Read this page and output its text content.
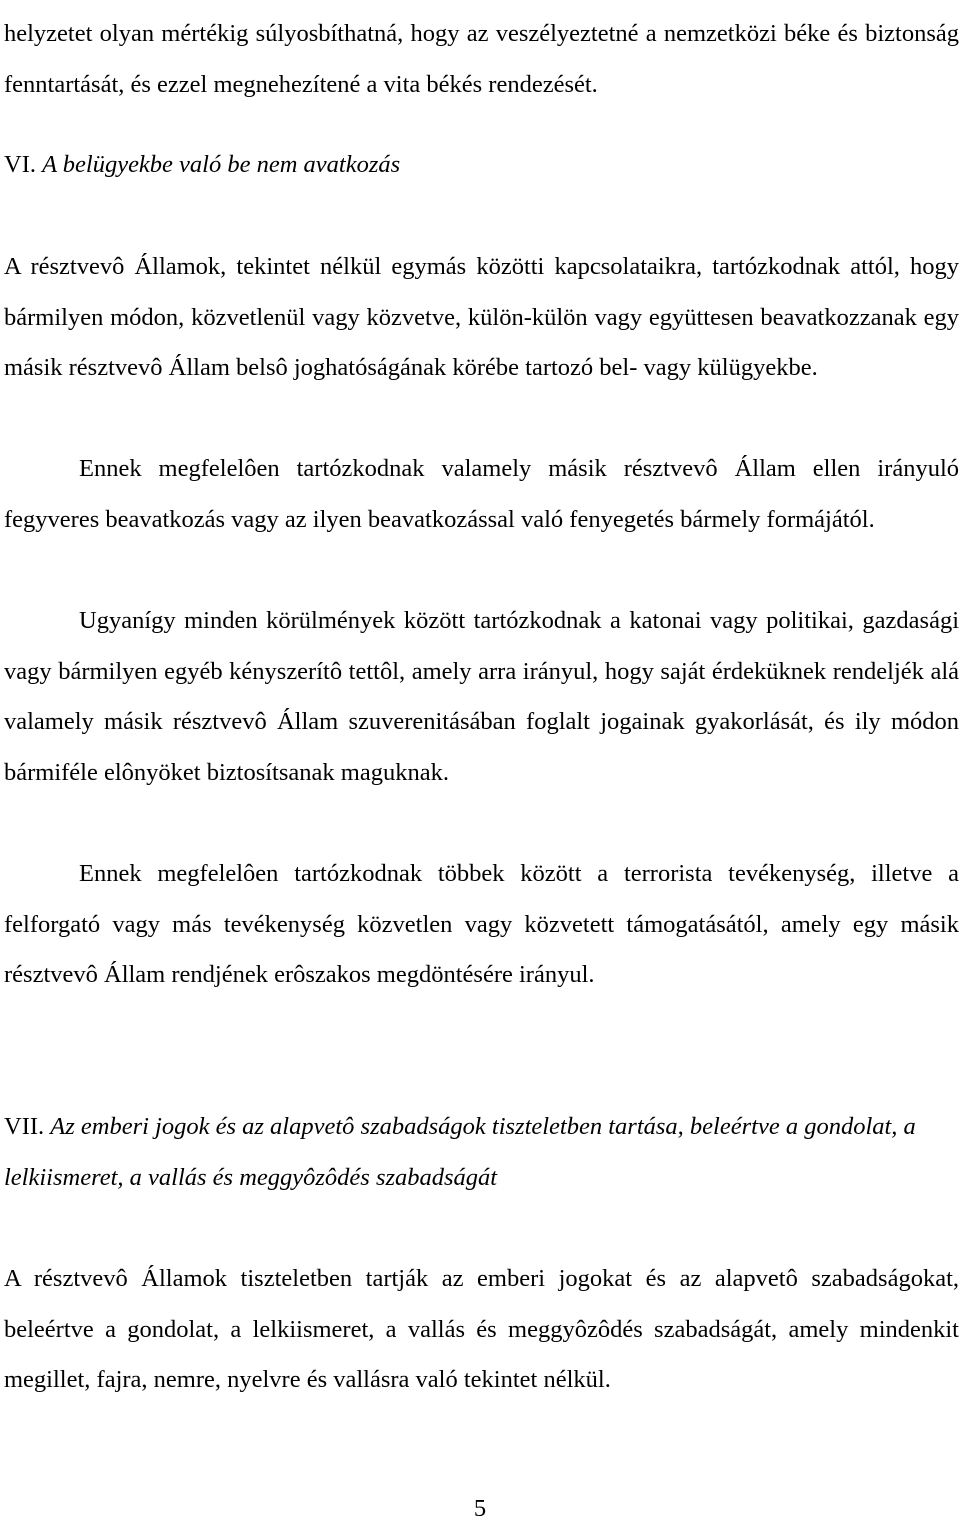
helyzetet olyan mértékig súlyosbíthatná, hogy az veszélyeztetné a nemzetközi béke és biztonság fenntartását, és ezzel megnehezítené a vita békés rendezését.

VI. A belügyekbe való be nem avatkozás

A résztvevô Államok, tekintet nélkül egymás közötti kapcsolataikra, tartózkodnak attól, hogy bármilyen módon, közvetlenül vagy közvetve, külön-külön vagy együttesen beavatkozzanak egy másik résztvevô Állam belsô joghatóságának körébe tartozó bel- vagy külügyekbe.

Ennek megfelelôen tartózkodnak valamely másik résztvevô Állam ellen irányuló fegyveres beavatkozás vagy az ilyen beavatkozással való fenyegetés bármely formájától.

Ugyanígy minden körülmények között tartózkodnak a katonai vagy politikai, gazdasági vagy bármilyen egyéb kényszerítô tettôl, amely arra irányul, hogy saját érdeküknek rendeljék alá valamely másik résztvevô Állam szuverenitásában foglalt jogainak gyakorlását, és ily módon bármiféle elônyöket biztosítsanak maguknak.

Ennek megfelelôen tartózkodnak többek között a terrorista tevékenység, illetve a felforgató vagy más tevékenység közvetlen vagy közvetett támogatásától, amely egy másik résztvevô Állam rendjének erôszakos megdöntésére irányul.

VII. Az emberi jogok és az alapvetô szabadságok tiszteletben tartása, beleértve a gondolat, a lelkiismeret, a vallás és meggyôzôdés szabadságát

A résztvevô Államok tiszteletben tartják az emberi jogokat és az alapvetô szabadságokat, beleértve a gondolat, a lelkiismeret, a vallás és meggyôzôdés szabadságát, amely mindenkit megillet, fajra, nemre, nyelvre és vallásra való tekintet nélkül.

5
